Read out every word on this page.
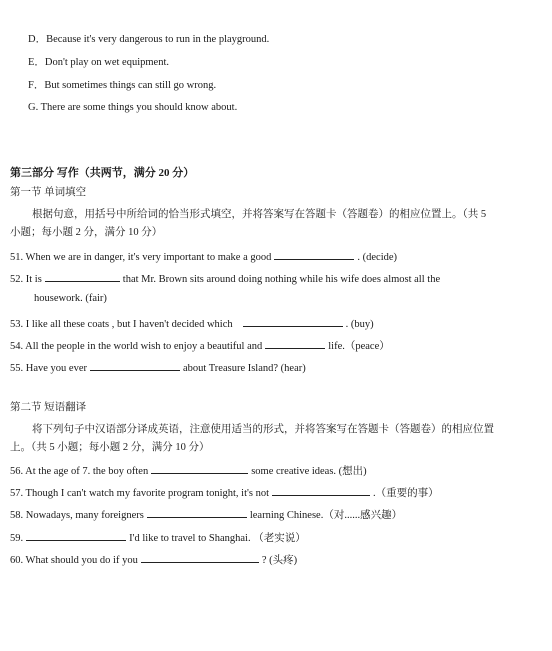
D．Because it's very dangerous to run in the playground.
E．Don't play on wet equipment.
F．But sometimes things can still go wrong.
G. There are some things you should know about.
第三部分 写作（共两节，满分 20 分）
第一节 单词填空
根据句意，用括号中所给词的恰当形式填空，并将答案写在答题卡（答题卷）的相应位置上。（共 5
小题；每小题 2 分，满分 10 分）
51. When we are in danger, it's very important to make a good	. (decide)
52. It is	that Mr. Brown sits around doing nothing while his wife does almost all the
housework. (fair)
53. I like all these coats , but I haven't decided which	. (buy)
54. All the people in the world wish to enjoy a beautiful and	life.（peace）
55. Have you ever	about Treasure Island? (hear)
第二节 短语翻译
将下列句子中汉语部分译成英语，注意使用适当的形式，并将答案写在答题卡（答题卷）的相应位置
上。（共 5 小题；每小题 2 分，满分 10 分）
56. At the age of 7. the boy often	some creative ideas. (想出)
57. Though I can't watch my favorite program tonight, it's not	.（重要的事）
58. Nowadays, many foreigners	learning Chinese.（对......感兴趣）
59.	I'd like to travel to Shanghai. （老实说）
60. What should you do if you	? (头疼)
